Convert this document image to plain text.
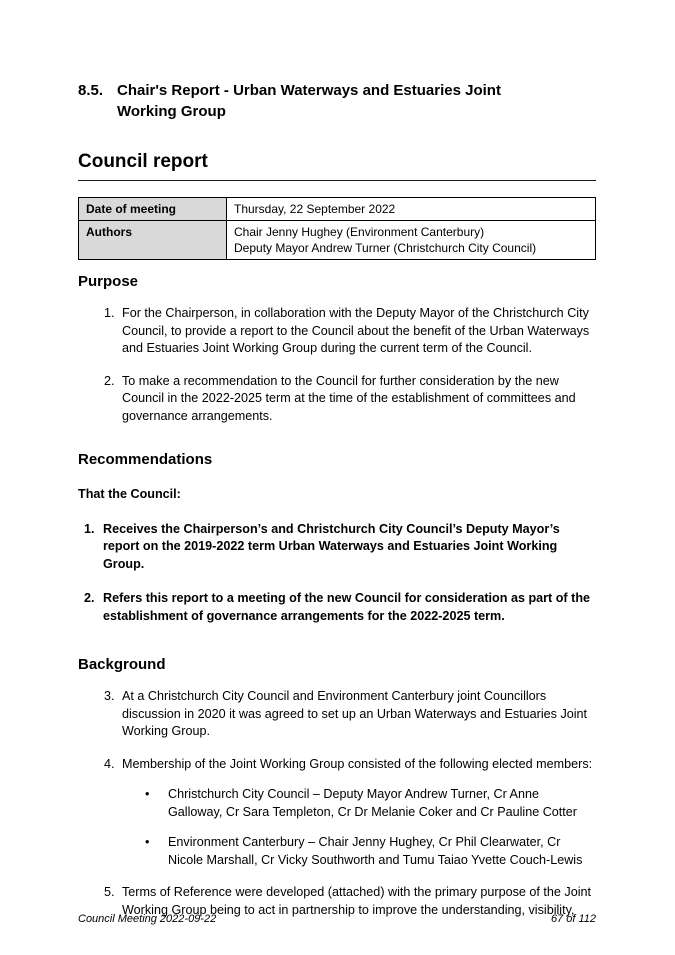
8.5. Chair's Report - Urban Waterways and Estuaries Joint Working Group
Council report
Date of meeting	Thursday, 22 September 2022

Authors	Chair Jenny Hughey (Environment Canterbury)
Deputy Mayor Andrew Turner (Christchurch City Council)
Purpose
1. For the Chairperson, in collaboration with the Deputy Mayor of the Christchurch City Council, to provide a report to the Council about the benefit of the Urban Waterways and Estuaries Joint Working Group during the current term of the Council.
2. To make a recommendation to the Council for further consideration by the new Council in the 2022-2025 term at the time of the establishment of committees and governance arrangements.
Recommendations
That the Council:
1. Receives the Chairperson’s and Christchurch City Council’s Deputy Mayor’s report on the 2019-2022 term Urban Waterways and Estuaries Joint Working Group.
2. Refers this report to a meeting of the new Council for consideration as part of the establishment of governance arrangements for the 2022-2025 term.
Background
3. At a Christchurch City Council and Environment Canterbury joint Councillors discussion in 2020 it was agreed to set up an Urban Waterways and Estuaries Joint Working Group.
4. Membership of the Joint Working Group consisted of the following elected members:
•	Christchurch City Council – Deputy Mayor Andrew Turner, Cr Anne Galloway, Cr Sara Templeton, Cr Dr Melanie Coker and Cr Pauline Cotter
•	Environment Canterbury – Chair Jenny Hughey, Cr Phil Clearwater, Cr Nicole Marshall, Cr Vicky Southworth and Tumu Taiao Yvette Couch-Lewis
5. Terms of Reference were developed (attached) with the primary purpose of the Joint Working Group being to act in partnership to improve the understanding, visibility,
Council Meeting 2022-09-22	67 of 112
